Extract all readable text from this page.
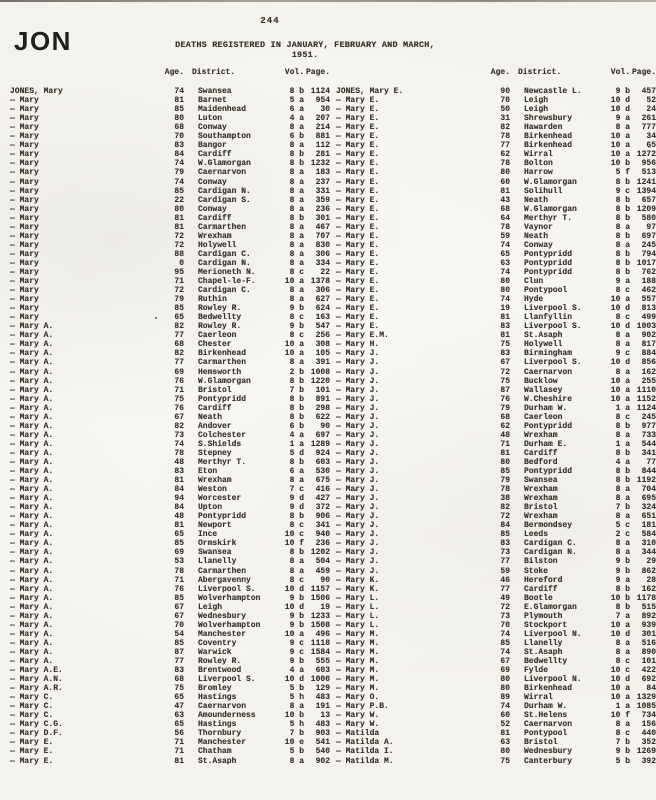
244
JON	DEATHS REGISTERED IN JANUARY, FEBRUARY AND MARCH, 1951.
Age.	District.	Vol. Page.
JONES, Mary	74	Swansea	8 b 1124
— Mary	81	Barnet	5 a	954
— Mary	85	Maidenhead	6 a	30
— Mary	80	Luton	4 a	207
— Mary	68	Conway	8 a	214
— Mary	70	Southampton	6 b	881
— Mary	83	Bangor	8 a	112
— Mary	84	Cardiff	8 b	281
— Mary	74	W.Glamorgan	8 b 1232
— Mary	79	Caernarvon	8 a	183
— Mary	74	Conway	8 a	237
— Mary	85	Cardigan N.	8 a	331
— Mary	22	Cardigan S.	8 a	359
— Mary	80	Conway	8 a	236
— Mary	81	Cardiff	8 b	301
— Mary	81	Carmarthen	8 a	467
— Mary	72	Wrexham	8 a	707
— Mary	72	Holywell	8 a	830
— Mary	88	Cardigan C.	8 a	306
— Mary	0	Cardigan N.	8 a	334
— Mary	95	Merioneth N.	8 c	22
— Mary	71	Chapel-le-F.	10 a 1378
— Mary	72	Cardigan C.	8 a	306
— Mary	79	Ruthin	8 a	627
— Mary	85	Rowley R.	9 b	624
— Mary	65	Bedwellty	8 c	163
— Mary A.	82	Rowley R.	9 b	547
— Mary A.	77	Caerleon	8 c	256
— Mary A.	68	Chester	10 a	308
— Mary A.	82	Birkenhead	10 a	105
— Mary A.	77	Carmarthen	8 a	391
— Mary A.	69	Hemsworth	2 b 1008
— Mary A.	76	W.Glamorgan	8 b 1220
— Mary A.	71	Bristol	7 b	101
— Mary A.	75	Pontypridd	8 b	891
— Mary A.	76	Cardiff	8 b	298
— Mary A.	67	Neath	8 b	622
— Mary A.	82	Andover	6 b	90
— Mary A.	73	Colchester	4 a	697
— Mary A.	74	S.Shields	1 a 1289
— Mary A.	78	Stepney	5 d	924
— Mary A.	48	Merthyr T.	8 b	603
— Mary A.	83	Eton	6 a	530
— Mary A.	81	Wrexham	8 a	675
— Mary A.	84	Weston	7 c	416
— Mary A.	94	Worcester	9 d	427
— Mary A.	84	Upton	9 d	372
— Mary A.	48	Pontypridd	8 b	906
— Mary A.	81	Newport	8 c	341
— Mary A.	65	Ince	10 c	940
— Mary A.	85	Ormskirk	10 f	236
— Mary A.	69	Swansea	8 b 1202
— Mary A.	53	Llanelly	8 a	504
— Mary A.	78	Carmarthen	8 a	459
— Mary A.	71	Abergavenny	8 c	90
— Mary A.	76	Liverpool S.	10 d 1157
— Mary A.	85	Wolverhampton	9 b 1506
— Mary A.	67	Leigh	10 d	19
— Mary A.	67	Wednesbury	9 b 1233
— Mary A.	70	Wolverhampton	9 b 1508
— Mary A.	54	Manchester	10 a	496
— Mary A.	85	Coventry	9 c 1118
— Mary A.	87	Warwick	9 c 1584
— Mary A.	77	Rowley R.	9 b	555
— Mary A.E.	83	Brentwood	4 a	603
— Mary A.N.	68	Liverpool S.	10 d 1000
— Mary A.R.	75	Bromley	5 b	129
— Mary C.	65	Hastings	5 h	483
— Mary C.	47	Caernarvon	8 a	191
— Mary C.	63	Amounderness	10 b	13
— Mary C.G.	65	Hastings	5 h	483
— Mary D.F.	56	Thornbury	7 b	903
— Mary E.	71	Manchester	10 e	541
— Mary E.	71	Chatham	5 b	540
— Mary E.	81	St.Asaph	8 a	902
Age.	District.	Vol. Page.
JONES, Mary E.	90	Newcastle L.	9 b	457
— Mary E.	70	Leigh	10 d	52
— Mary E.	50	Leigh	10 d	24
— Mary E.	31	Shrewsbury	9 a	261
— Mary E.	82	Hawarden	8 a	777
— Mary E.	78	Birkenhead	10 a	34
— Mary E.	77	Birkenhead	10 a	65
— Mary E.	62	Wirral	10 a 1272
— Mary E.	78	Bolton	10 b	956
— Mary E.	80	Harrow	5 f	513
— Mary E.	60	W.Glamorgan	8 b 1241
— Mary E.	81	Solihull	9 c 1394
— Mary E.	43	Neath	8 b	657
— Mary E.	68	W.Glamorgan	8 b 1209
— Mary E.	64	Merthyr T.	8 b	580
— Mary E.	78	Vaynor	8 a	97
— Mary E.	59	Neath	8 b	697
— Mary E.	74	Conway	8 a	245
— Mary E.	65	Pontypridd	8 b	794
— Mary E.	63	Pontypridd	8 b 1017
— Mary E.	74	Pontypridd	8 b	762
— Mary E.	80	Clun	9 a	188
— Mary E.	80	Pontypool	8 c	462
— Mary E.	74	Hyde	10 a	557
— Mary E.	19	Liverpool S.	10 d	813
— Mary E.	81	Llanfyllin	8 c	499
— Mary E.	83	Liverpool S.	10 d 1003
— Mary E.M.	81	St.Asaph	8 a	902
— Mary H.	75	Holywell	8 a	817
— Mary J.	83	Birmingham	9 c	884
— Mary J.	67	Liverpool S.	10 d	856
— Mary J.	72	Caernarvon	8 a	162
— Mary J.	75	Bucklow	10 a	255
— Mary J.	87	Wallasey	10 a 1110
— Mary J.	76	W.Cheshire	10 a 1152
— Mary J.	79	Durham W.	1 a 1124
— Mary J.	68	Caerleon	8 c	245
— Mary J.	62	Pontypridd	8 b	977
— Mary J.	48	Wrexham	8 a	733
— Mary J.	71	Durham E.	1 a	544
— Mary J.	81	Cardiff	8 b	341
— Mary J.	80	Bedford	4 a	77
— Mary J.	85	Pontypridd	8 b	844
— Mary J.	79	Swansea	8 b 1192
— Mary J.	78	Wrexham	8 a	704
— Mary J.	38	Wrexham	8 a	695
— Mary J.	82	Bristol	7 b	324
— Mary J.	72	Wrexham	8 a	651
— Mary J.	84	Bermondsey	5 c	181
— Mary J.	85	Leeds	2 c	584
— Mary J.	83	Cardigan C.	8 a	310
— Mary J.	73	Cardigan N.	8 a	344
— Mary J.	77	Bilston	9 b	29
— Mary J.	59	Stoke	9 b	862
— Mary K.	46	Hereford	9 a	28
— Mary K.	77	Cardiff	8 b	162
— Mary L.	49	Bootle	10 b 1178
— Mary L.	72	E.Glamorgan	8 b	515
— Mary L.	73	Plymouth	7 a	892
— Mary L.	70	Stockport	10 a	939
— Mary M.	74	Liverpool N.	10 d	301
— Mary M.	85	Llanelly	8 a	516
— Mary M.	74	St.Asaph	8 a	890
— Mary M.	67	Bedwellty	8 c	101
— Mary M.	69	Fylde	10 c	422
— Mary M.	80	Liverpool N.	10 d	692
— Mary M.	80	Birkenhead	10 a	84
— Mary O.	89	Wirral	10 a 1329
— Mary P.B.	74	Durham W.	1 a 1085
— Mary W.	60	St.Helens	10 f	734
— Mary W.	52	Caernarvon	8 a	156
— Matilda	81	Pontypool	8 c	440
— Matilda A.	63	Bristol	7 b	352
— Matilda I.	80	Wednesbury	9 b 1269
— Matilda M.	75	Canterbury	5 b	392
